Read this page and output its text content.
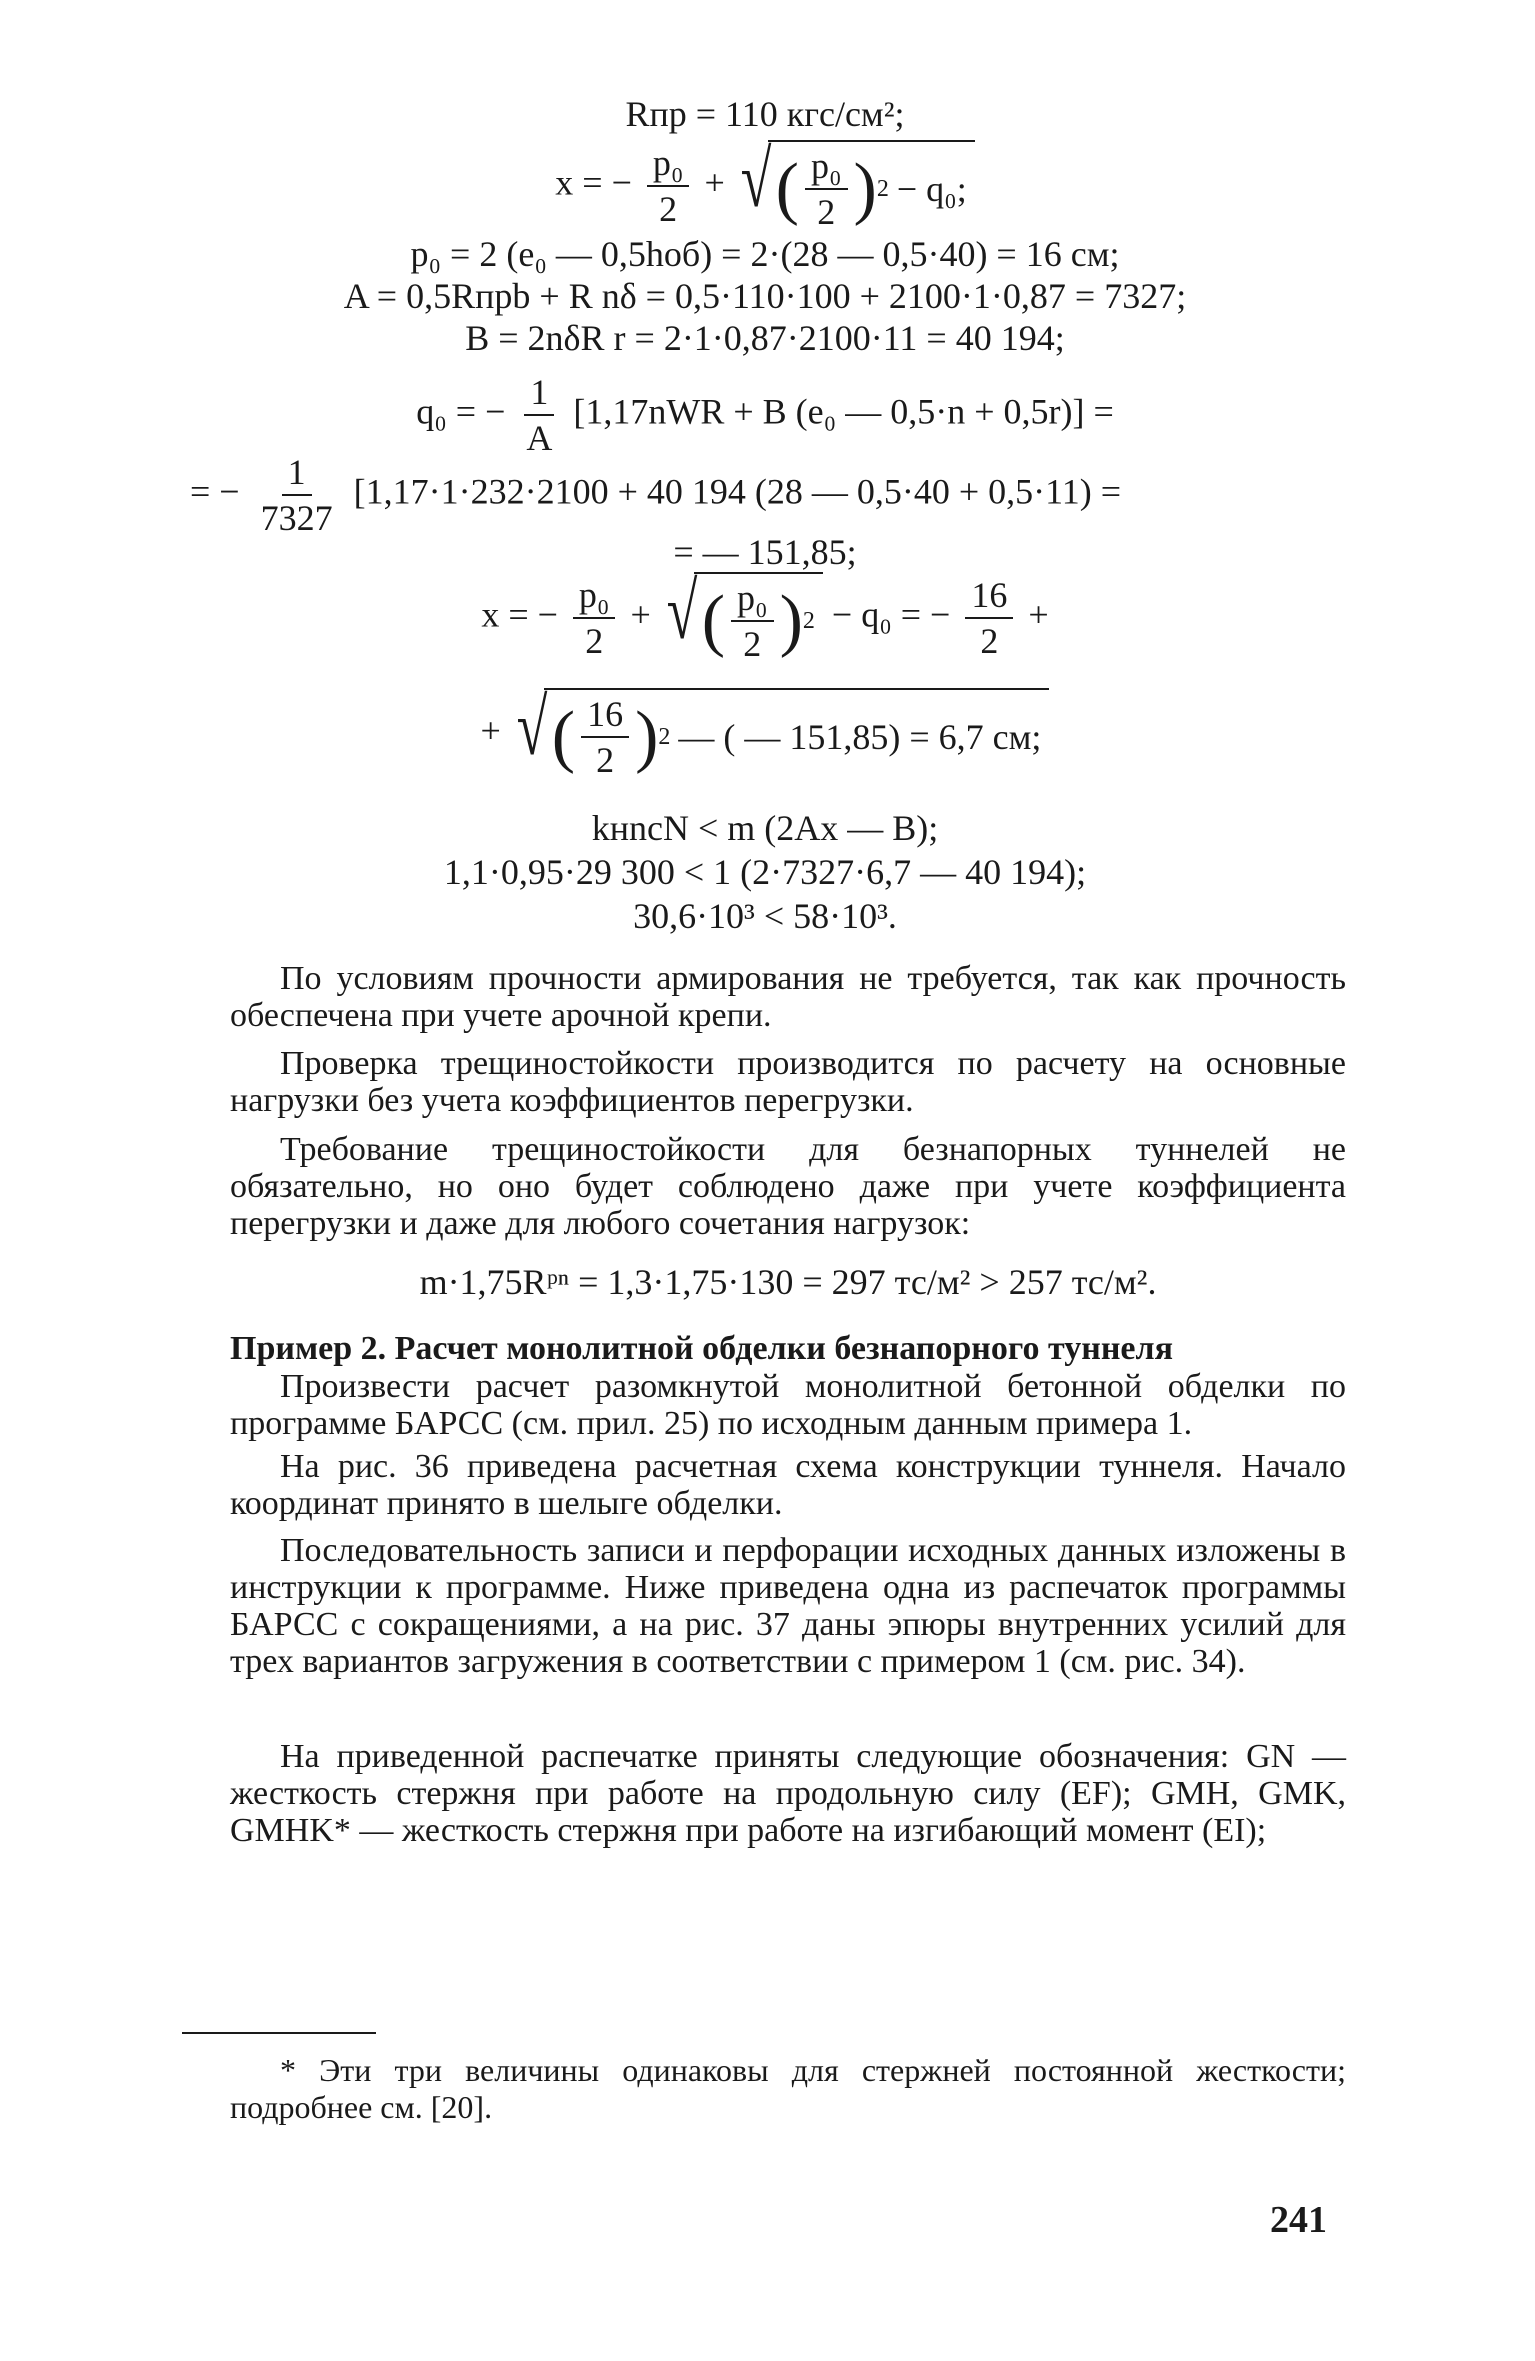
Rпр = 110 кгс/см²;
x = − $\frac{\text{p₀}}{2}$ + √ ( $\frac{\text{p₀}}{2}$ ) 2 − q₀;
p₀ = 2 (e₀ — 0,5hоб) = 2·(28 — 0,5·40) = 16 см;
A = 0,5Rпрb + R nδ = 0,5·110·100 + 2100·1·0,87 = 7327;
B = 2nδR r = 2·1·0,87·2100·11 = 40 194;
q₀ = − $\frac{1}{A} [1,17nWR + B$ (e₀ — 0,5·n + 0,5r)] =
= − $\frac{1}{7327} [1,17\cdot 1\cdot 232\cdot 2100 + 40$ 194 (28 — 0,5·40 + 0,5·11) =
= — 151,85;
x = − $\frac{\text{p₀}}{2}$ + √ ( $\frac{\text{p₀}}{2}$ ) 2 − q₀ = − $\frac{16}{2}$ +
+ √ ( $\frac{16}{2}$ ) 2 — ( — 151,85) = 6,7 см;
kнnсN < m (2Ax — B);
1,1·0,95·29 300 < 1 (2·7327·6,7 — 40 194);
30,6·10³ < 58·10³.

По условиям прочности армирования не требуется, так как прочность обеспечена при учете арочной крепи.

Проверка трещиностойкости производится по расчету на основные нагрузки без учета коэффициентов перегрузки.

Требование трещиностойкости для безнапорных туннелей не обязательно, но оно будет соблюдено даже при учете коэффициента перегрузки и даже для любого сочетания нагрузок:

m·1,75Rᵖⁿ = 1,3·1,75·130 = 297 тс/м² > 257 тс/м².

Пример 2. Расчет монолитной обделки безнапорного туннеля

Произвести расчет разомкнутой монолитной бетонной обделки по программе БАРСС (см. прил. 25) по исходным данным примера 1.

На рис. 36 приведена расчетная схема конструкции туннеля. Начало координат принято в шелыге обделки.

Последовательность записи и перфорации исходных данных изложены в инструкции к программе. Ниже приведена одна из распечаток программы БАРСС с сокращениями, а на рис. 37 даны эпюры внутренних усилий для трех вариантов загружения в соответствии с примером 1 (см. рис. 34).

На приведенной распечатке приняты следующие обозначения: GN — жесткость стержня при работе на продольную силу (EF); GMH, GMK, GMHK* — жесткость стержня при работе на изгибающий момент (EI);

* Эти три величины одинаковы для стержней постоянной жесткости; подробнее см. [20].

241
